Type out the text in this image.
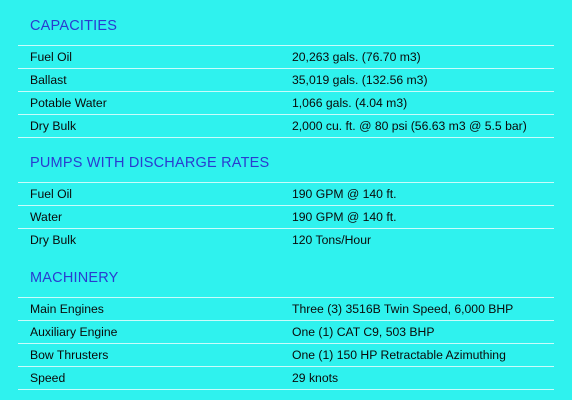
CAPACITIES
Fuel Oil	20,263 gals. (76.70 m3)
Ballast	35,019 gals. (132.56 m3)
Potable Water	1,066 gals. (4.04 m3)
Dry Bulk	2,000 cu. ft. @ 80 psi (56.63 m3 @ 5.5 bar)
PUMPS WITH DISCHARGE RATES
Fuel Oil	190 GPM @ 140 ft.
Water	190 GPM @ 140 ft.
Dry Bulk	120 Tons/Hour
MACHINERY
Main Engines	Three (3) 3516B Twin Speed, 6,000 BHP
Auxiliary Engine	One (1) CAT C9, 503 BHP
Bow Thrusters	One (1) 150 HP Retractable Azimuthing
Speed	29 knots
